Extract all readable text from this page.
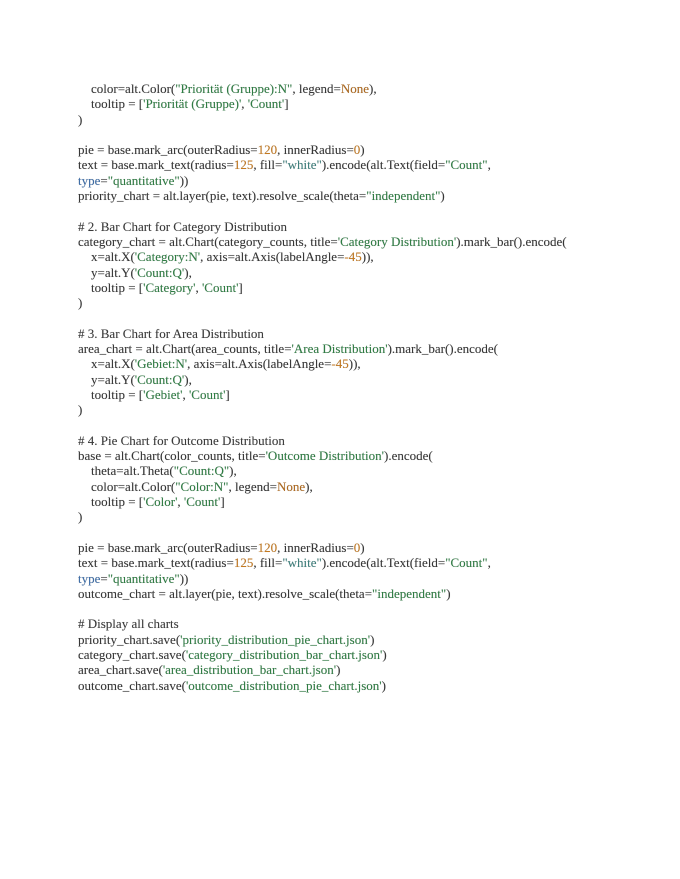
color=alt.Color("Priorität (Gruppe):N", legend=None),
tooltip = ['Priorität (Gruppe)', 'Count']
)

pie = base.mark_arc(outerRadius=120, innerRadius=0)
text = base.mark_text(radius=125, fill="white").encode(alt.Text(field="Count",
type="quantitative"))
priority_chart = alt.layer(pie, text).resolve_scale(theta="independent")

# 2. Bar Chart for Category Distribution
category_chart = alt.Chart(category_counts, title='Category Distribution').mark_bar().encode(
x=alt.X('Category:N', axis=alt.Axis(labelAngle=-45)),
y=alt.Y('Count:Q'),
tooltip = ['Category', 'Count']
)

# 3. Bar Chart for Area Distribution
area_chart = alt.Chart(area_counts, title='Area Distribution').mark_bar().encode(
x=alt.X('Gebiet:N', axis=alt.Axis(labelAngle=-45)),
y=alt.Y('Count:Q'),
tooltip = ['Gebiet', 'Count']
)

# 4. Pie Chart for Outcome Distribution
base = alt.Chart(color_counts, title='Outcome Distribution').encode(
theta=alt.Theta("Count:Q"),
color=alt.Color("Color:N", legend=None),
tooltip = ['Color', 'Count']
)

pie = base.mark_arc(outerRadius=120, innerRadius=0)
text = base.mark_text(radius=125, fill="white").encode(alt.Text(field="Count",
type="quantitative"))
outcome_chart = alt.layer(pie, text).resolve_scale(theta="independent")

# Display all charts
priority_chart.save('priority_distribution_pie_chart.json')
category_chart.save('category_distribution_bar_chart.json')
area_chart.save('area_distribution_bar_chart.json')
outcome_chart.save('outcome_distribution_pie_chart.json')
